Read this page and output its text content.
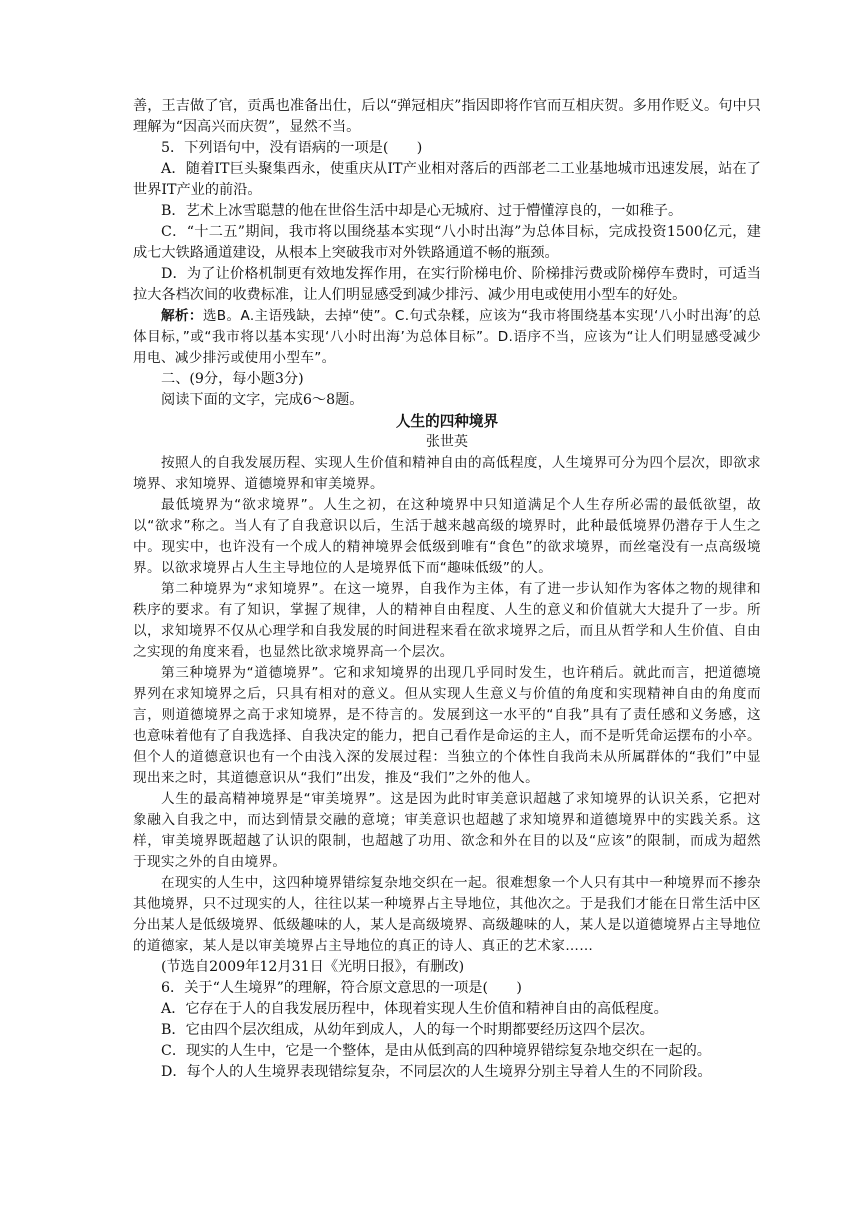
善，王吉做了官，贡禹也准备出仕，后以“弹冠相庆”指因即将作官而互相庆贺。多用作贬义。句中只理解为“因高兴而庆贺”，显然不当。

5．下列语句中，没有语病的一项是(　　)

A．随着IT巨头聚集西永，使重庆从IT产业相对落后的西部老二工业基地城市迅速发展，站在了世界IT产业的前沿。

B．艺术上冰雪聪慧的他在世俗生活中却是心无城府、过于懵懂淳良的，一如稚子。

C．“十二五”期间，我市将以围绕基本实现“八小时出海”为总体目标，完成投资1500亿元，建成七大铁路通道建设，从根本上突破我市对外铁路通道不畅的瓶颈。

D．为了让价格机制更有效地发挥作用，在实行阶梯电价、阶梯排污费或阶梯停车费时，可适当拉大各档次间的收费标准，让人们明显感受到减少排污、减少用电或使用小型车的好处。

解析：选B。A.主语残缺，去掉“使”。C.句式杂糅，应该为“我市将围绕基本实现‘八小时出海’的总体目标，”或“我市将以基本实现‘八小时出海’为总体目标”。D.语序不当，应该为“让人们明显感受减少用电、减少排污或使用小型车”。

二、(9分，每小题3分)

阅读下面的文字，完成6～8题。

人生的四种境界

张世英

按照人的自我发展历程、实现人生价值和精神自由的高低程度，人生境界可分为四个层次，即欲求境界、求知境界、道德境界和审美境界。

最低境界为“欲求境界”。人生之初，在这种境界中只知道满足个人生存所必需的最低欲望，故以“欲求”称之。当人有了自我意识以后，生活于越来越高级的境界时，此种最低境界仍潜存于人生之中。现实中，也许没有一个成人的精神境界会低级到唯有“食色”的欲求境界，而丝毫没有一点高级境界。以欲求境界占人生主导地位的人是境界低下而“趣味低级”的人。

第二种境界为“求知境界”。在这一境界，自我作为主体，有了进一步认知作为客体之物的规律和秩序的要求。有了知识，掌握了规律，人的精神自由程度、人生的意义和价值就大大提升了一步。所以，求知境界不仅从心理学和自我发展的时间进程来看在欲求境界之后，而且从哲学和人生价值、自由之实现的角度来看，也显然比欲求境界高一个层次。

第三种境界为“道德境界”。它和求知境界的出现几乎同时发生，也许稍后。就此而言，把道德境界列在求知境界之后，只具有相对的意义。但从实现人生意义与价值的角度和实现精神自由的角度而言，则道德境界之高于求知境界，是不待言的。发展到这一水平的“自我”具有了责任感和义务感，这也意味着他有了自我选择、自我决定的能力，把自己看作是命运的主人，而不是听凭命运摆布的小卒。但个人的道德意识也有一个由浅入深的发展过程：当独立的个体性自我尚未从所属群体的“我们”中显现出来之时，其道德意识从“我们”出发，推及“我们”之外的他人。

人生的最高精神境界是“审美境界”。这是因为此时审美意识超越了求知境界的认识关系，它把对象融入自我之中，而达到情景交融的意境；审美意识也超越了求知境界和道德境界中的实践关系。这样，审美境界既超越了认识的限制，也超越了功用、欲念和外在目的以及“应该”的限制，而成为超然于现实之外的自由境界。

在现实的人生中，这四种境界错综复杂地交织在一起。很难想象一个人只有其中一种境界而不掺杂其他境界，只不过现实的人，往往以某一种境界占主导地位，其他次之。于是我们才能在日常生活中区分出某人是低级境界、低级趣味的人，某人是高级境界、高级趣味的人，某人是以道德境界占主导地位的道德家，某人是以审美境界占主导地位的真正的诗人、真正的艺术家……

(节选自2009年12月31日《光明日报》，有删改)

6．关于“人生境界”的理解，符合原文意思的一项是(　　)

A．它存在于人的自我发展历程中，体现着实现人生价值和精神自由的高低程度。

B．它由四个层次组成，从幼年到成人，人的每一个时期都要经历这四个层次。

C．现实的人生中，它是一个整体，是由从低到高的四种境界错综复杂地交织在一起的。

D．每个人的人生境界表现错综复杂，不同层次的人生境界分别主导着人生的不同阶段。
